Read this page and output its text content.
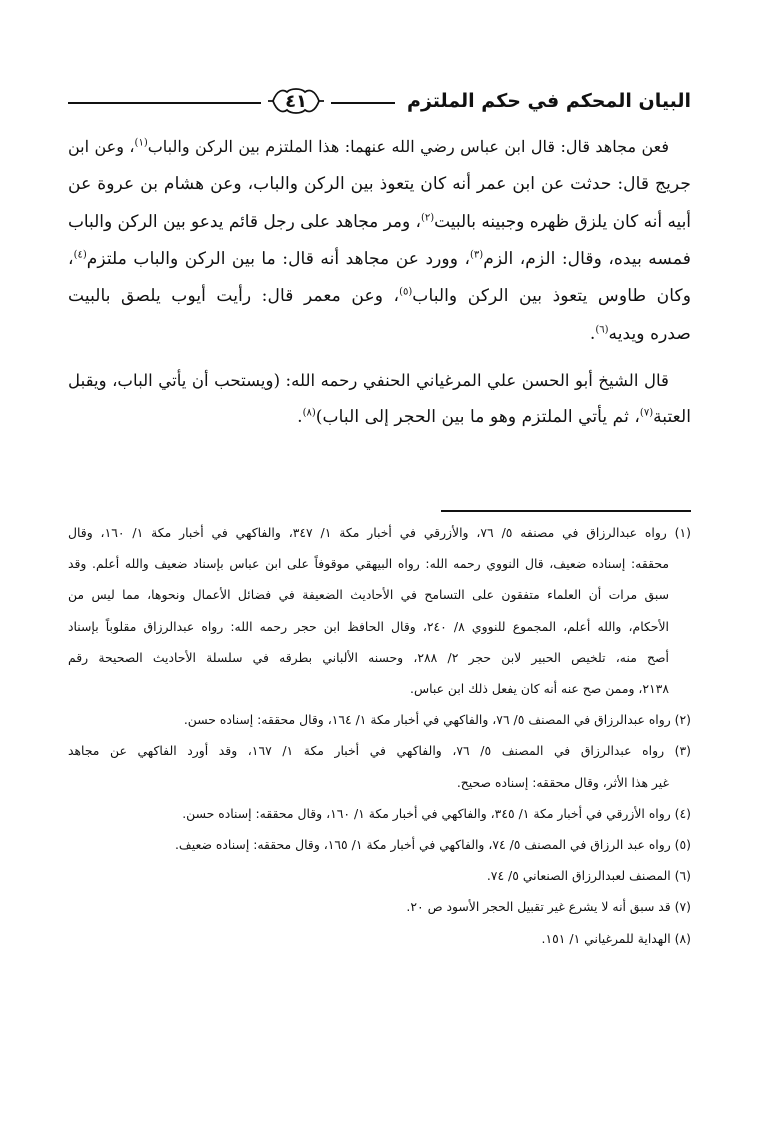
البيان المحكم في حكم الملتزم
٤١
فعن مجاهد قال: قال ابن عباس رضي الله عنهما: هذا الملتزم بين الركن والباب$^{(١)}$، وعن ابن
جريج قال: حدثت عن ابن عمر أنه كان يتعوذ بين الركن والباب، وعن هشام بن عروة عن
أبيه أنه كان يلزق ظهره وجبينه بالبيت$^{(٢)}$، ومر مجاهد على رجل قائم يدعو بين الركن والباب
فمسه بيده، وقال: الزم، الزم$^{(٣)}$، وورد عن مجاهد أنه قال: ما بين الركن والباب ملتزم$^{(٤)}$،
وكان طاوس يتعوذ بين الركن والباب$^{(٥)}$، وعن معمر قال: رأيت أيوب يلصق بالبيت
صدره ويديه$^{(٦)}$.
قال الشيخ أبو الحسن علي المرغياني الحنفي رحمه الله: (ويستحب أن يأتي الباب، ويقبل
العتبة$^{(٧)}$، ثم يأتي الملتزم وهو ما بين الحجر إلى الباب)$^{(٨)}$.
(١) رواه عبدالرزاق في مصنفه ٥/ ٧٦، والأزرقي في أخبار مكة ١/ ٣٤٧، والفاكهي في أخبار مكة ١/ ١٦٠، وقال
محققه: إسناده ضعيف، قال النووي رحمه الله: رواه البيهقي موقوفاً على ابن عباس بإسناد ضعيف والله أعلم. وقد
سبق مرات أن العلماء متفقون على التسامح في الأحاديث الضعيفة في فضائل الأعمال ونحوها، مما ليس من
الأحكام، والله أعلم، المجموع للنووي ٨/ ٢٤٠، وقال الحافظ ابن حجر رحمه الله: رواه عبدالرزاق مقلوباً بإسناد
أصح منه، تلخيص الحبير لابن حجر ٢/ ٢٨٨، وحسنه الألباني بطرقه في سلسلة الأحاديث الصحيحة رقم
٢١٣٨، وممن صح عنه أنه كان يفعل ذلك ابن عباس.
(٢) رواه عبدالرزاق في المصنف ٥/ ٧٦، والفاكهي في أخبار مكة ١/ ١٦٤، وقال محققه: إسناده حسن.
(٣) رواه عبدالرزاق في المصنف ٥/ ٧٦، والفاكهي في أخبار مكة ١/ ١٦٧، وقد أورد الفاكهي عن مجاهد
غير هذا الأثر، وقال محققه: إسناده صحيح.
(٤) رواه الأزرقي في أخبار مكة ١/ ٣٤٥، والفاكهي في أخبار مكة ١/ ١٦٠، وقال محققه: إسناده حسن.
(٥) رواه عبد الرزاق في المصنف ٥/ ٧٤، والفاكهي في أخبار مكة ١/ ١٦٥، وقال محققه: إسناده ضعيف.
(٦) المصنف لعبدالرزاق الصنعاني ٥/ ٧٤.
(٧) قد سبق أنه لا يشرع غير تقبيل الحجر الأسود ص ٢٠.
(٨) الهداية للمرغياني ١/ ١٥١.
